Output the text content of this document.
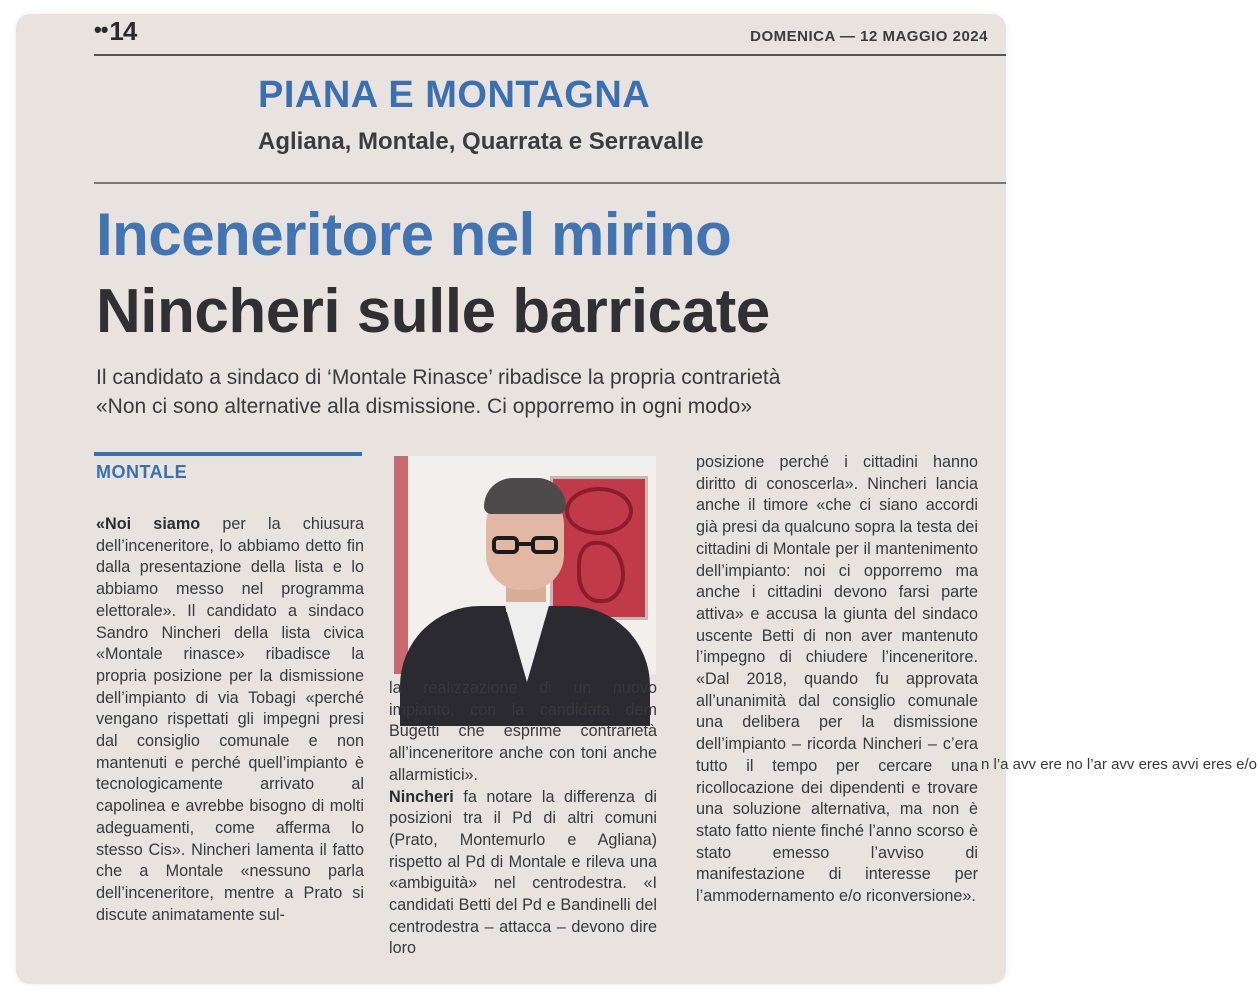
••14	DOMENICA — 12 MAGGIO 2024
PIANA E MONTAGNA
Agliana, Montale, Quarrata e Serravalle
Inceneritore nel mirino
Nincheri sulle barricate
Il candidato a sindaco di ‘Montale Rinasce’ ribadisce la propria contrarietà
«Non ci sono alternative alla dismissione. Ci opporremo in ogni modo»
MONTALE

«Noi siamo per la chiusura dell’inceneritore, lo abbiamo detto fin dalla presentazione della lista e lo abbiamo messo nel programma elettorale». Il candidato a sindaco Sandro Nincheri della lista civica «Montale rinasce» ribadisce la propria posizione per la dismissione dell’impianto di via Tobagi «perché vengano rispettati gli impegni presi dal consiglio comunale e non mantenuti e perché quell’impianto è tecnologicamente arrivato al capolinea e avrebbe bisogno di molti adeguamenti, come afferma lo stesso Cis». Nincheri lamenta il fatto che a Montale «nessuno parla dell’inceneritore, mentre a Prato si discute animatamente sul-

la realizzazione di un nuovo impianto, con la candidata dem Bugetti che esprime contrarietà all’inceneritore anche con toni anche allarmistici».

Nincheri fa notare la differenza di posizioni tra il Pd di altri comuni (Prato, Montemurlo e Agliana) rispetto al Pd di Montale e rileva una «ambiguità» nel centrodestra. «I candidati Betti del Pd e Bandinelli del centrodestra – attacca – devono dire loro

posizione perché i cittadini hanno diritto di conoscerla». Nincheri lancia anche il timore «che ci siano accordi già presi da qualcuno sopra la testa dei cittadini di Montale per il mantenimento dell’impianto: noi ci opporremo ma anche i cittadini devono farsi parte attiva» e accusa la giunta del sindaco uscente Betti di non aver mantenuto l’impegno di chiudere l’inceneritore. «Dal 2018, quando fu approvata all’unanimità dal consiglio comunale una delibera per la dismissione dell’impianto – ricorda Nincheri – c’era tutto il tempo per cercare una ricollocazione dei dipendenti e trovare una soluzione alternativa, ma non è stato fatto niente finché l’anno scorso è stato emesso l’avviso di manifestazione di interesse per l’ammodernamento e/o riconversione».

n l’a avv ere no l’ar avv eres avvi eres e/o
